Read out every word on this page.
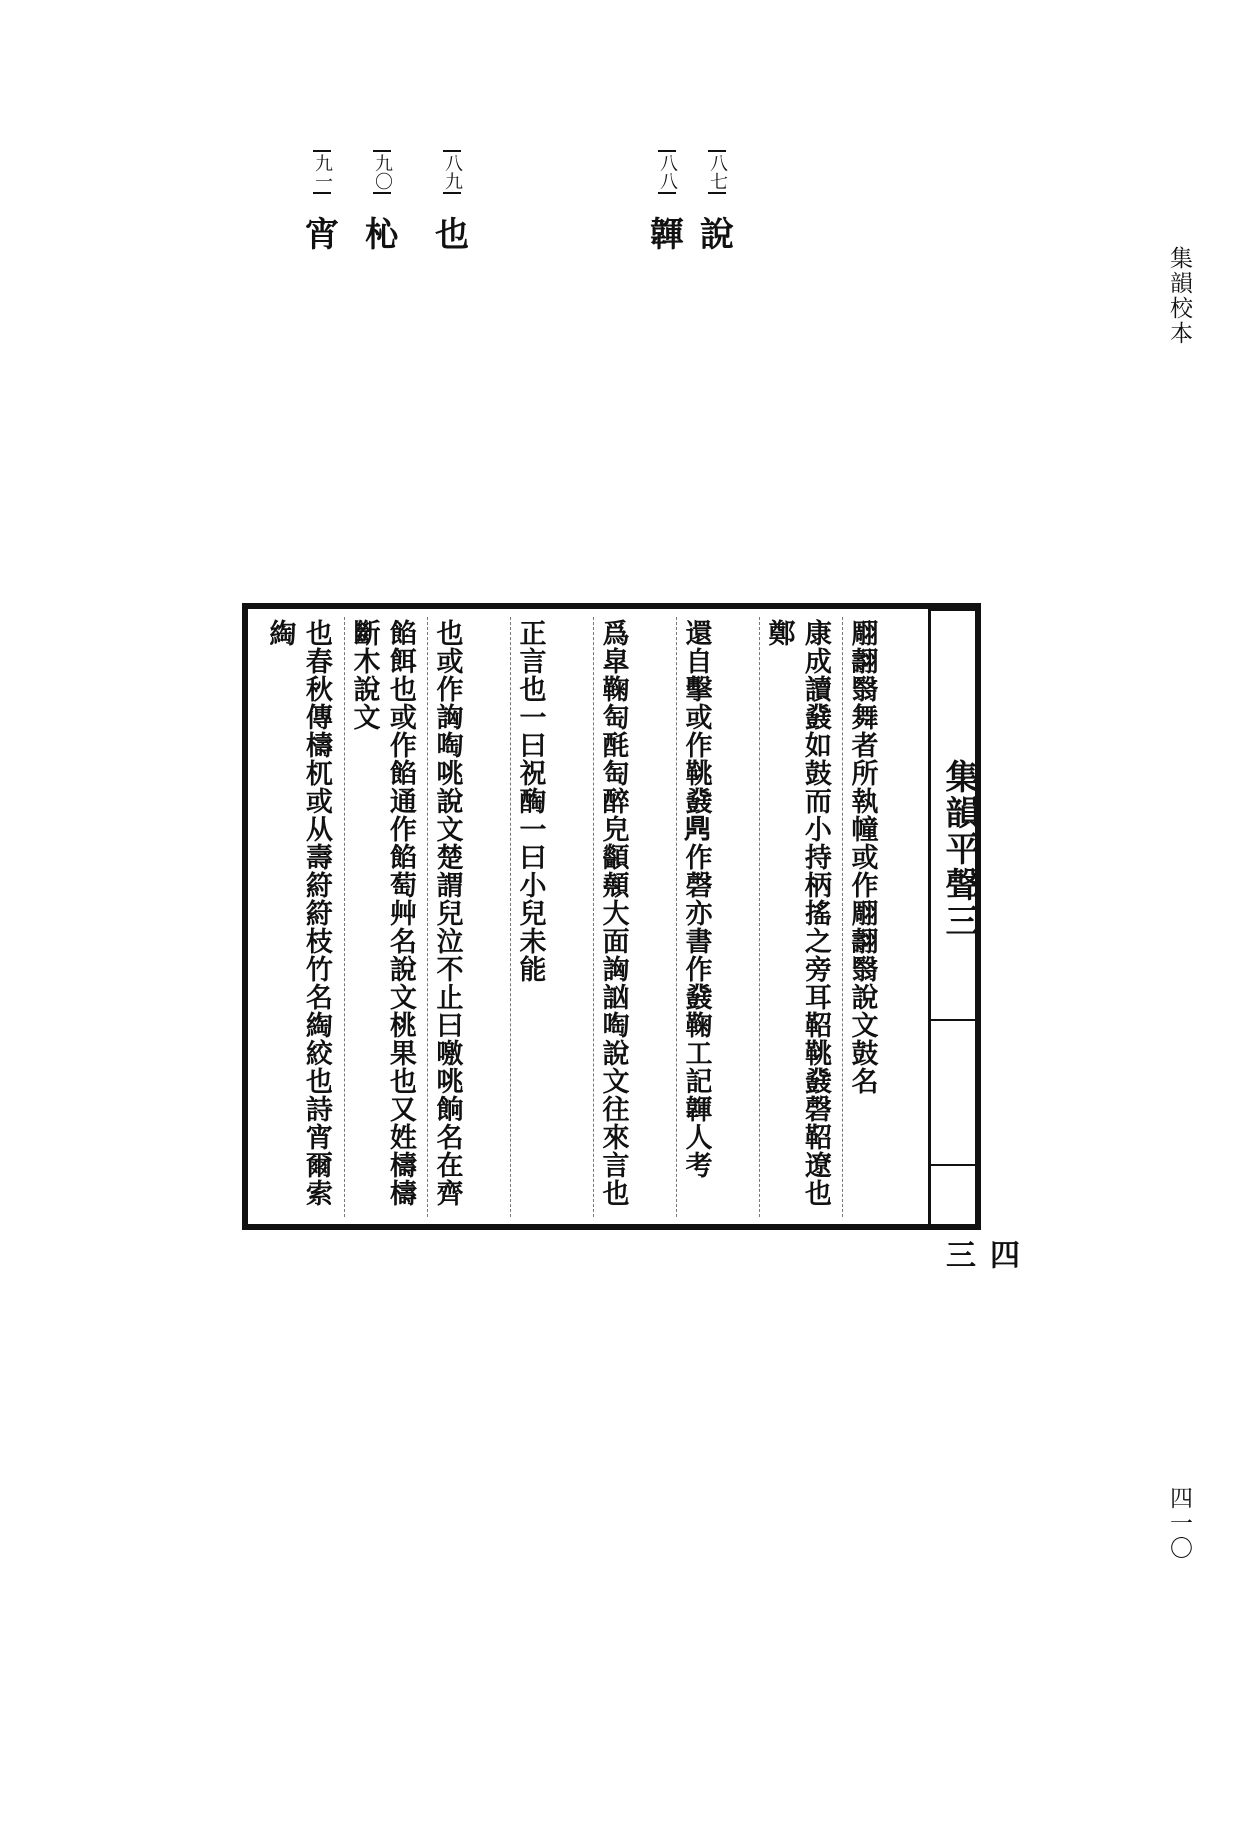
集韻校本
四一〇
八七
說
八八
韗
八九
也
九〇
杺
九一
宵
集韻平聲三
四三
翢翿翳舞者所執幢或作翢翿翳說文鼓名
康成讀鼗如鼓而小持柄搖之旁耳鞀鞉鼗磬鞀遼也鄭
還自擊或作鞉鼗𪔂作磬亦書作鼗鞠工記韗人考
爲皐鞠匋酕匋醉皃顲顤大面詾訩啕說文往來言也
正言也一曰祝醄一曰小兒未能
也或作詾啕咷說文楚謂兒泣不止曰噭咷餉名在齊
餡餌也或作餡通作餡萄艸名說文桃果也又姓檮檮斷木說文
也春秋傳檮杌或从壽䈙䈙枝竹名綯絞也詩宵爾索綯
